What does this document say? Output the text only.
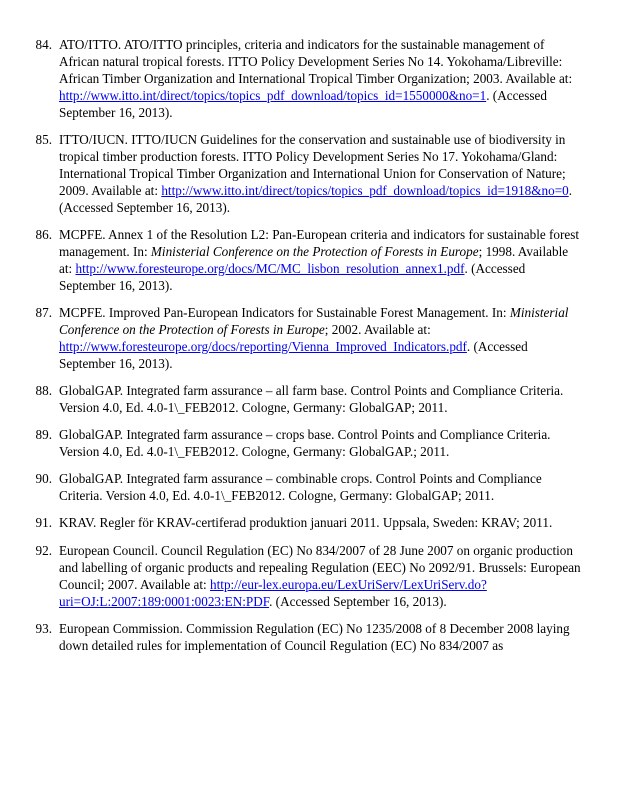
84. ATO/ITTO. ATO/ITTO principles, criteria and indicators for the sustainable management of African natural tropical forests. ITTO Policy Development Series No 14. Yokohama/Libreville: African Timber Organization and International Tropical Timber Organization; 2003. Available at: http://www.itto.int/direct/topics/topics_pdf_download/topics_id=1550000&no=1. (Accessed September 16, 2013).
85. ITTO/IUCN. ITTO/IUCN Guidelines for the conservation and sustainable use of biodiversity in tropical timber production forests. ITTO Policy Development Series No 17. Yokohama/Gland: International Tropical Timber Organization and International Union for Conservation of Nature; 2009. Available at: http://www.itto.int/direct/topics/topics_pdf_download/topics_id=1918&no=0. (Accessed September 16, 2013).
86. MCPFE. Annex 1 of the Resolution L2: Pan-European criteria and indicators for sustainable forest management. In: Ministerial Conference on the Protection of Forests in Europe; 1998. Available at: http://www.foresteurope.org/docs/MC/MC_lisbon_resolution_annex1.pdf. (Accessed September 16, 2013).
87. MCPFE. Improved Pan-European Indicators for Sustainable Forest Management. In: Ministerial Conference on the Protection of Forests in Europe; 2002. Available at: http://www.foresteurope.org/docs/reporting/Vienna_Improved_Indicators.pdf. (Accessed September 16, 2013).
88. GlobalGAP. Integrated farm assurance – all farm base. Control Points and Compliance Criteria. Version 4.0, Ed. 4.0-1\_FEB2012. Cologne, Germany: GlobalGAP; 2011.
89. GlobalGAP. Integrated farm assurance – crops base. Control Points and Compliance Criteria. Version 4.0, Ed. 4.0-1\_FEB2012. Cologne, Germany: GlobalGAP.; 2011.
90. GlobalGAP. Integrated farm assurance – combinable crops. Control Points and Compliance Criteria. Version 4.0, Ed. 4.0-1\_FEB2012. Cologne, Germany: GlobalGAP; 2011.
91. KRAV. Regler för KRAV-certiferad produktion januari 2011. Uppsala, Sweden: KRAV; 2011.
92. European Council. Council Regulation (EC) No 834/2007 of 28 June 2007 on organic production and labelling of organic products and repealing Regulation (EEC) No 2092/91. Brussels: European Council; 2007. Available at: http://eur-lex.europa.eu/LexUriServ/LexUriServ.do?uri=OJ:L:2007:189:0001:0023:EN:PDF. (Accessed September 16, 2013).
93. European Commission. Commission Regulation (EC) No 1235/2008 of 8 December 2008 laying down detailed rules for implementation of Council Regulation (EC) No 834/2007 as
